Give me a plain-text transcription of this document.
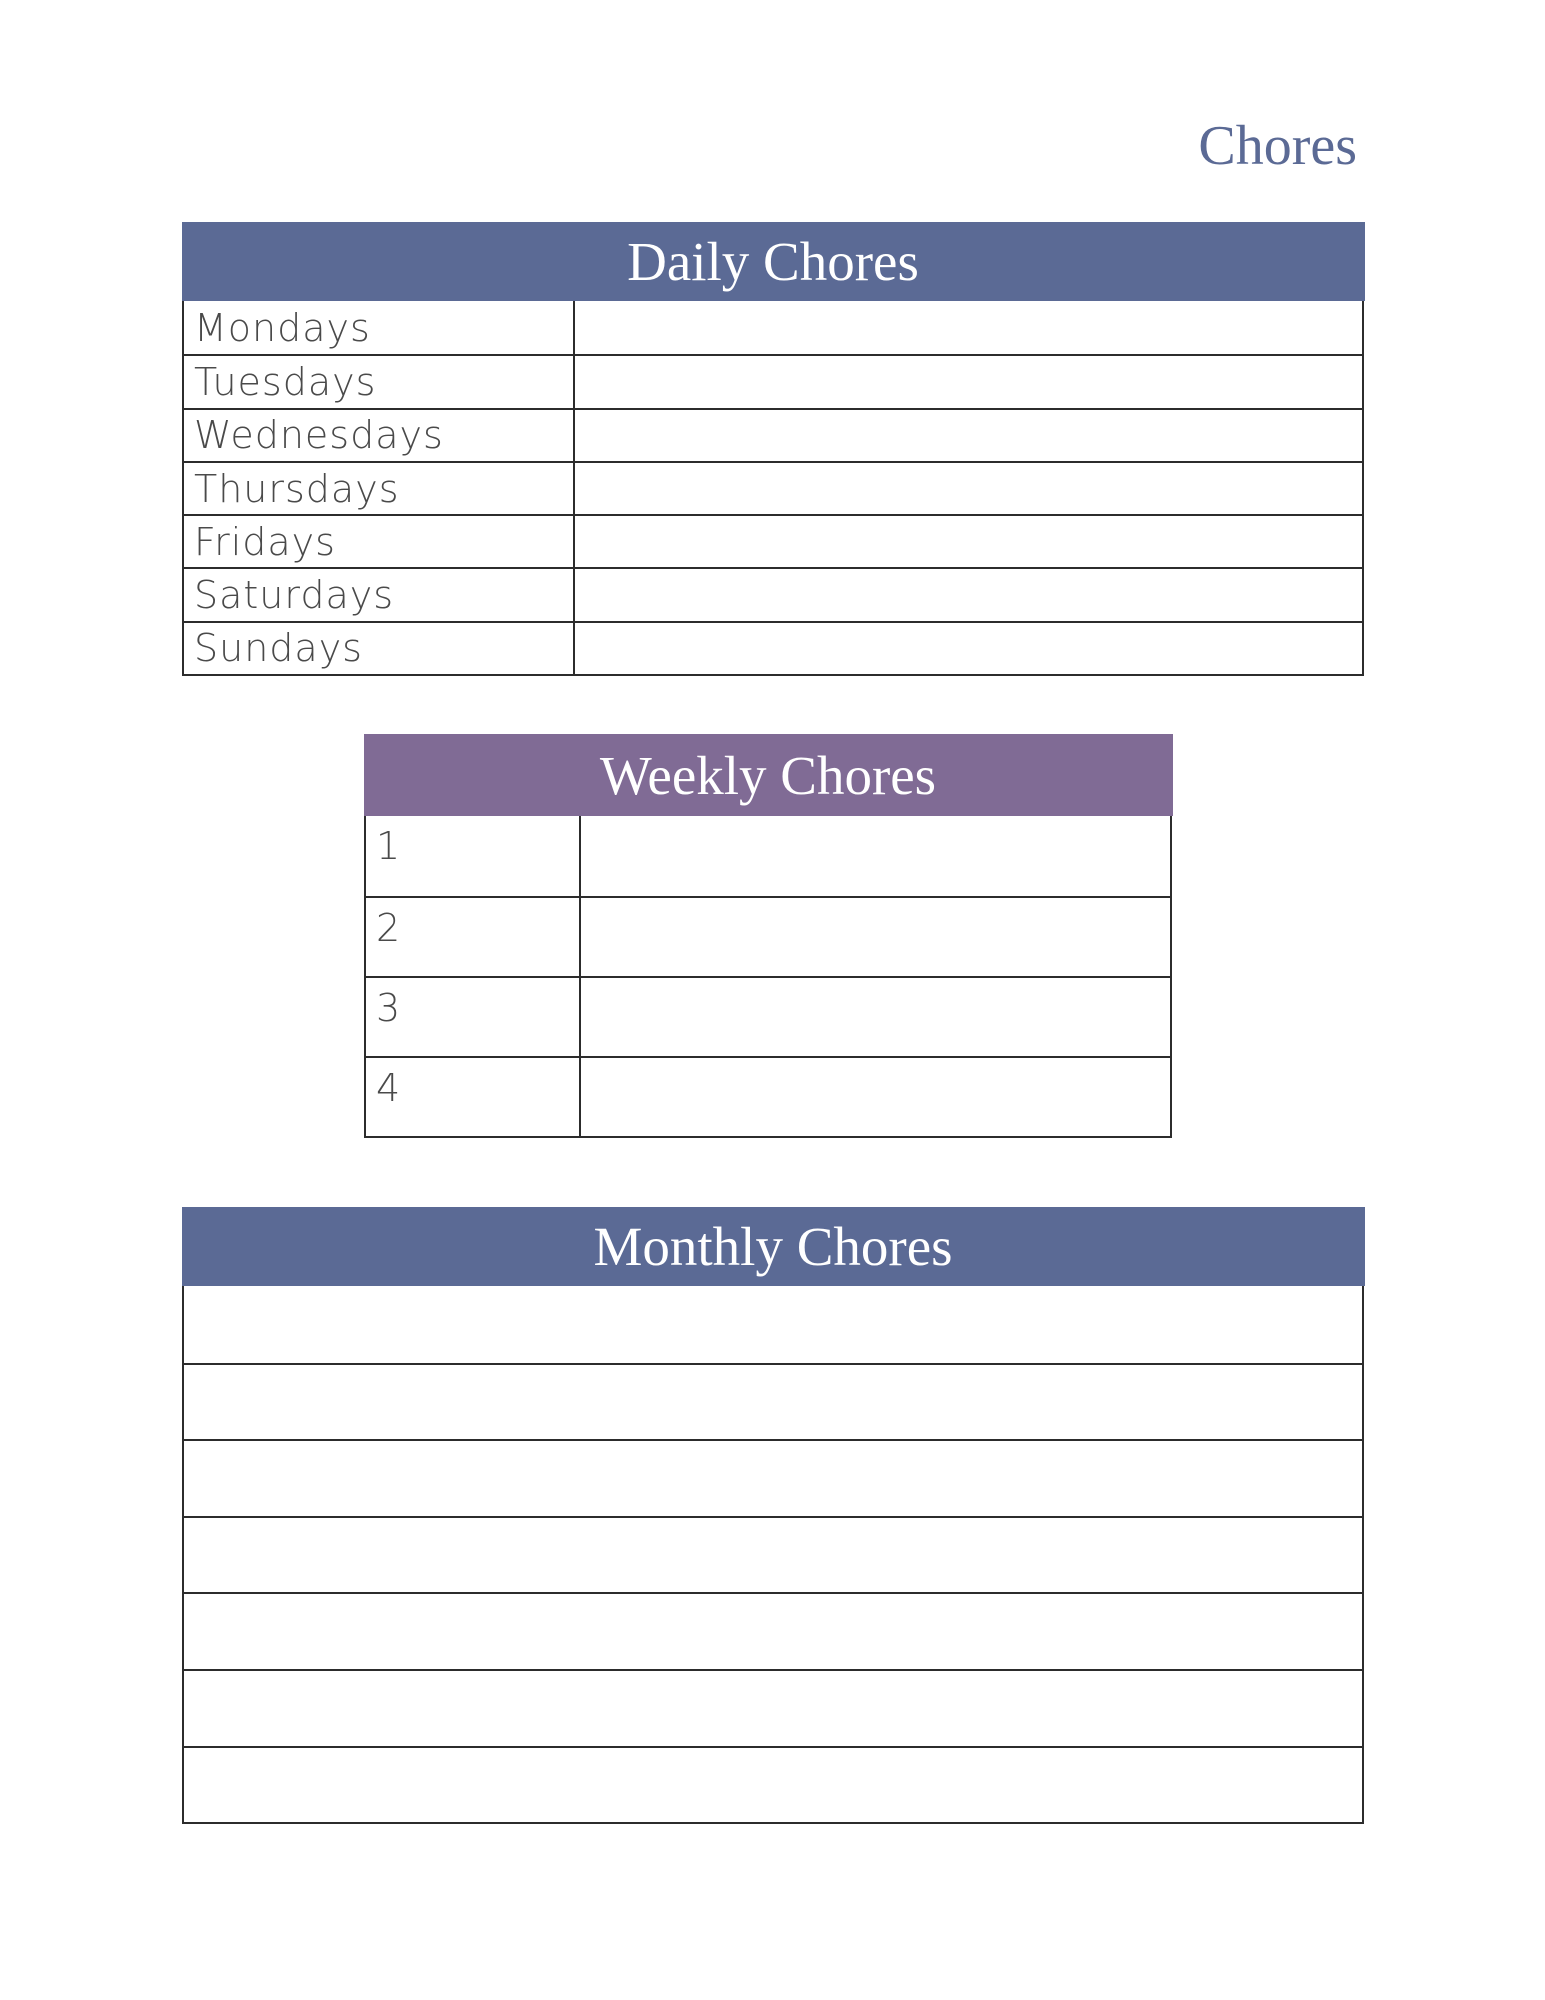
Chores
Daily Chores
Mondays
Tuesdays
Wednesdays
Thursdays
Fridays
Saturdays
Sundays
Weekly Chores
1
2
3
4
Monthly Chores
